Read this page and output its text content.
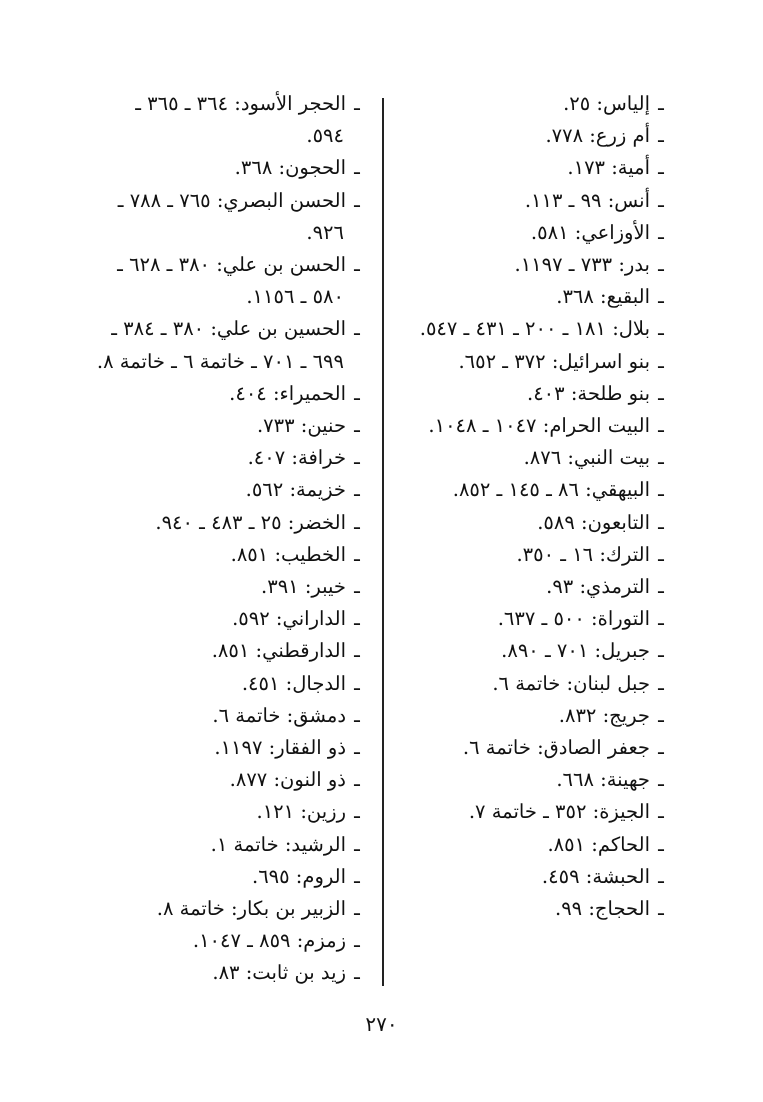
ـإلياس: ٢٥.
ـأم زرع: ٧٧٨.
ـأمية: ١٧٣.
ـأنس: ٩٩ ـ ١١٣.
ـالأوزاعي: ٥٨١.
ـبدر: ٧٣٣ ـ ١١٩٧.
ـالبقيع: ٣٦٨.
ـبلال: ١٨١ ـ ٢٠٠ ـ ٤٣١ ـ ٥٤٧.
ـبنو اسرائيل: ٣٧٢ ـ ٦٥٢.
ـبنو طلحة: ٤٠٣.
ـالبيت الحرام: ١٠٤٧ ـ ١٠٤٨.
ـبيت النبي: ٨٧٦.
ـالبيهقي: ٨٦ ـ ١٤٥ ـ ٨٥٢.
ـالتابعون: ٥٨٩.
ـالترك: ١٦ ـ ٣٥٠.
ـالترمذي: ٩٣.
ـالتوراة: ٥٠٠ ـ ٦٣٧.
ـجبريل: ٧٠١ ـ ٨٩٠.
ـجبل لبنان: خاتمة ٦.
ـجريج: ٨٣٢.
ـجعفر الصادق: خاتمة ٦.
ـجهينة: ٦٦٨.
ـالجيزة: ٣٥٢ ـ خاتمة ٧.
ـالحاكم: ٨٥١.
ـالحبشة: ٤٥٩.
ـالحجاج: ٩٩.
ـالحجر الأسود: ٣٦٤ ـ ٣٦٥ ـ
٥٩٤.
ـالحجون: ٣٦٨.
ـالحسن البصري: ٧٦٥ ـ ٧٨٨ ـ
٩٢٦.
ـالحسن بن علي: ٣٨٠ ـ ٦٢٨ ـ
٥٨٠ ـ ١١٥٦.
ـالحسين بن علي: ٣٨٠ ـ ٣٨٤ ـ
٦٩٩ ـ ٧٠١ ـ خاتمة ٦ ـ خاتمة ٨.
ـالحميراء: ٤٠٤.
ـحنين: ٧٣٣.
ـخرافة: ٤٠٧.
ـخزيمة: ٥٦٢.
ـالخضر: ٢٥ ـ ٤٨٣ ـ ٩٤٠.
ـالخطيب: ٨٥١.
ـخيبر: ٣٩١.
ـالداراني: ٥٩٢.
ـالدارقطني: ٨٥١.
ـالدجال: ٤٥١.
ـدمشق: خاتمة ٦.
ـذو الفقار: ١١٩٧.
ـذو النون: ٨٧٧.
ـرزين: ١٢١.
ـالرشيد: خاتمة ١.
ـالروم: ٦٩٥.
ـالزبير بن بكار: خاتمة ٨.
ـزمزم: ٨٥٩ ـ ١٠٤٧.
ـزيد بن ثابت: ٨٣.
٢٧٠
